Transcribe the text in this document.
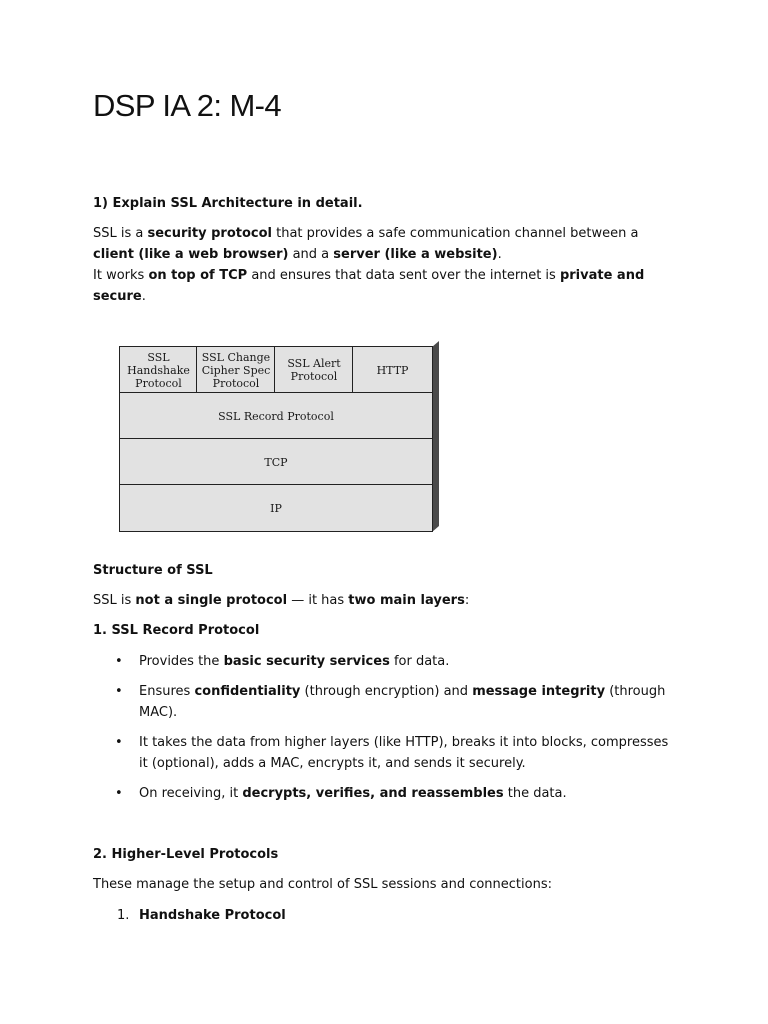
DSP IA 2: M-4
1) Explain SSL Architecture in detail.
SSL is a security protocol that provides a safe communication channel between a
client (like a web browser) and a server (like a website).
It works on top of TCP and ensures that data sent over the internet is private and
secure.
Structure of SSL
SSL is not a single protocol — it has two main layers:
1. SSL Record Protocol
• Provides the basic security services for data.
• Ensures confidentiality (through encryption) and message integrity (through
MAC).
• It takes the data from higher layers (like HTTP), breaks it into blocks, compresses
it (optional), adds a MAC, encrypts it, and sends it securely.
• On receiving, it decrypts, verifies, and reassembles the data.
2. Higher-Level Protocols
These manage the setup and control of SSL sessions and connections:
1. Handshake Protocol
SSL
Handshake
Protocol
SSL Change
Cipher Spec
Protocol
SSL Alert
Protocol	HTTP
SSL Record Protocol
TCP
IP
